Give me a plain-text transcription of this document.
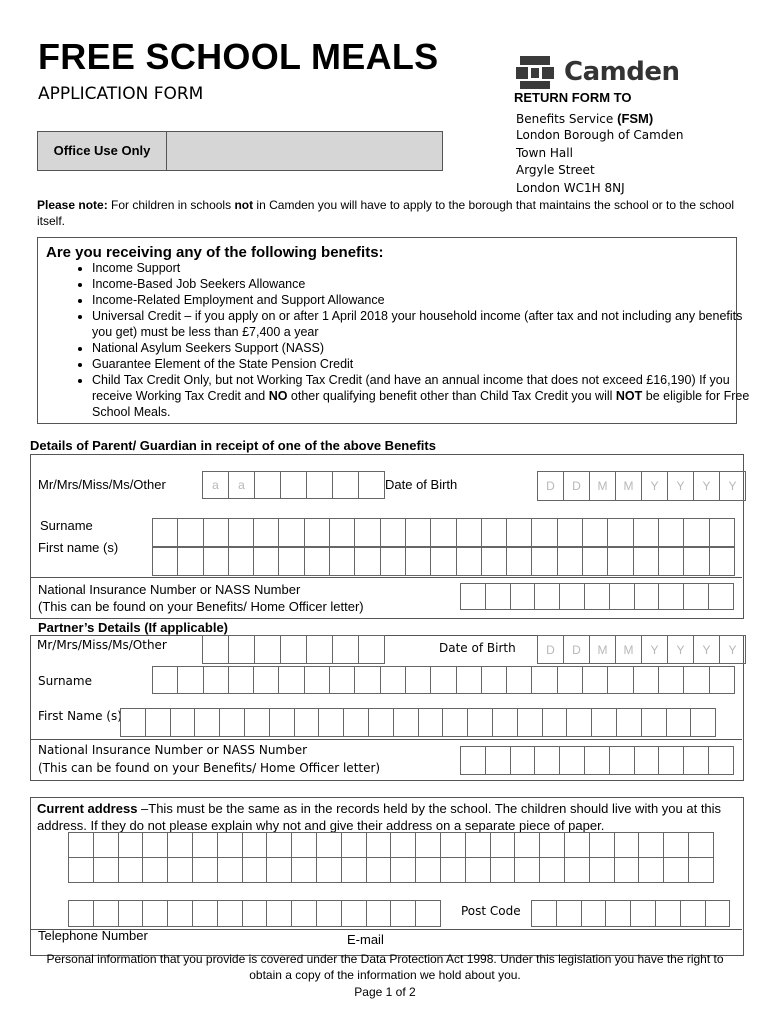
FREE SCHOOL MEALS
APPLICATION FORM
Camden
RETURN FORM TO
Benefits Service (FSM)
London Borough of Camden
Town Hall
Argyle Street
London WC1H 8NJ
Office Use Only
Please note: For children in schools not in Camden you will have to apply to the borough that maintains the school or to the school itself.
Are you receiving any of the following benefits:
• Income Support
• Income-Based Job Seekers Allowance
• Income-Related Employment and Support Allowance
• Universal Credit – if you apply on or after 1 April 2018 your household income (after tax and not including any benefits you get) must be less than £7,400 a year
• National Asylum Seekers Support (NASS)
• Guarantee Element of the State Pension Credit
• Child Tax Credit Only, but not Working Tax Credit (and have an annual income that does not exceed £16,190) If you receive Working Tax Credit and NO other qualifying benefit other than Child Tax Credit you will NOT be eligible for Free School Meals.
Details of Parent/ Guardian in receipt of one of the above Benefits
Mr/Mrs/Miss/Ms/Other	a	a	Date of Birth	D	D	M	M	Y	Y	Y	Y
Surname
First name (s)
National Insurance Number or NASS Number
(This can be found on your Benefits/ Home Officer letter)
Partner’s Details (If applicable)
Mr/Mrs/Miss/Ms/Other	Date of Birth	D	D	M	M	Y	Y	Y	Y
Surname
First Name (s)
National Insurance Number or NASS Number
(This can be found on your Benefits/ Home Officer letter)
Current address –This must be the same as in the records held by the school. The children should live with you at this address. If they do not please explain why not and give their address on a separate piece of paper.
Post Code
Telephone Number	E-mail
Personal information that you provide is covered under the Data Protection Act 1998. Under this legislation you have the right to obtain a copy of the information we hold about you.
Page 1 of 2
